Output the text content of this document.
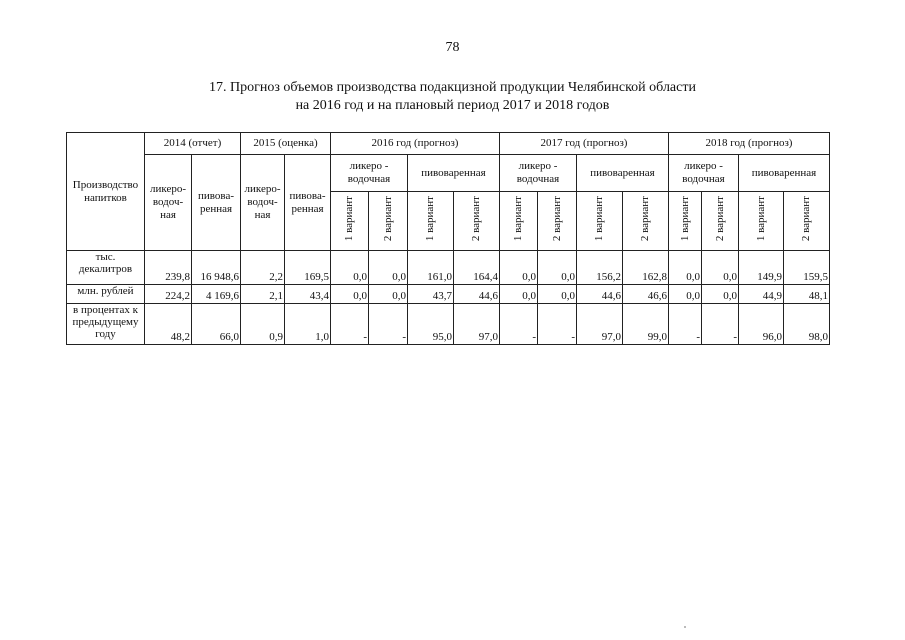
78
17. Прогноз объемов производства подакцизной продукции Челябинской области
на 2016 год и на плановый период 2017 и 2018 годов
Производство напитков	2014 (отчет)		2015 (оценка)		2016 год (прогноз)				2017 год (прогноз)				2018 год (прогноз)			
	ликеро-водоч-ная	пивова-ренная	ликеро-водоч-ная	пивова-ренная	ликеро - водочная		пивоваренная		ликеро - водочная		пивоваренная		ликеро - водочная		пивоваренная	
					1 вариант	2 вариант	1 вариант	2 вариант	1 вариант	2 вариант	1 вариант	2 вариант	1 вариант	2 вариант	1 вариант	2 вариант
тыс. декалитров	239,8	16 948,6	2,2	169,5	0,0	0,0	161,0	164,4	0,0	0,0	156,2	162,8	0,0	0,0	149,9	159,5
млн. рублей	224,2	4 169,6	2,1	43,4	0,0	0,0	43,7	44,6	0,0	0,0	44,6	46,6	0,0	0,0	44,9	48,1
в процентах к предыдущему году	48,2	66,0	0,9	1,0	-	-	95,0	97,0	-	-	97,0	99,0	-	-	96,0	98,0
